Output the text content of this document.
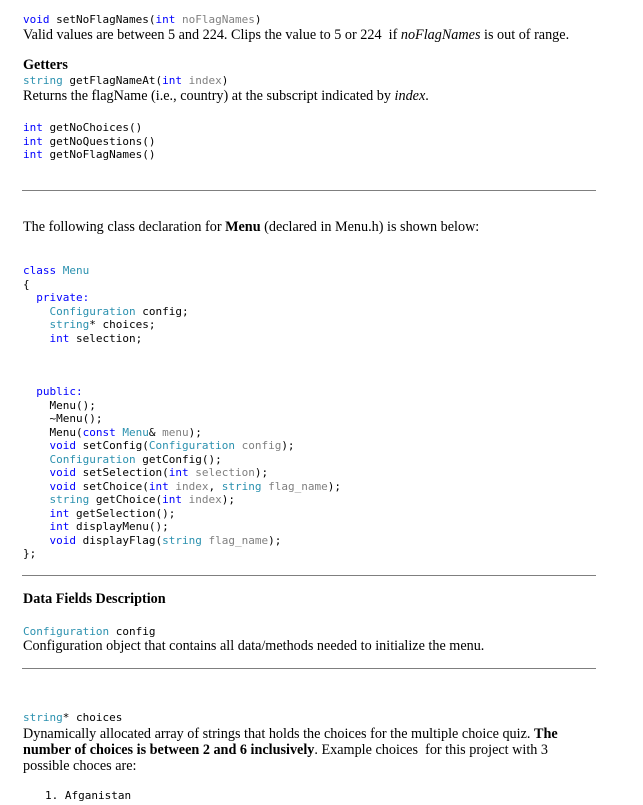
void setNoFlagNames(int noFlagNames)
Valid values are between 5 and 224. Clips the value to 5 or 224  if noFlagNames is out of range.
Getters
string getFlagNameAt(int index)
Returns the flagName (i.e., country) at the subscript indicated by index.
int getNoChoices()
int getNoQuestions()
int getNoFlagNames()
The following class declaration for Menu (declared in Menu.h) is shown below:
class Menu
{
private:
Configuration config;
string* choices;
int selection;
public:
Menu();
~Menu();
Menu(const Menu& menu);
void setConfig(Configuration config);
Configuration getConfig();
void setSelection(int selection);
void setChoice(int index, string flag_name);
string getChoice(int index);
int getSelection();
int displayMenu();
void displayFlag(string flag_name);
};
Data Fields Description
Configuration config
Configuration object that contains all data/methods needed to initialize the menu.
string* choices
Dynamically allocated array of strings that holds the choices for the multiple choice quiz. The
number of choices is between 2 and 6 inclusively. Example choices  for this project with 3
possible choces are:
1. Afganistan
